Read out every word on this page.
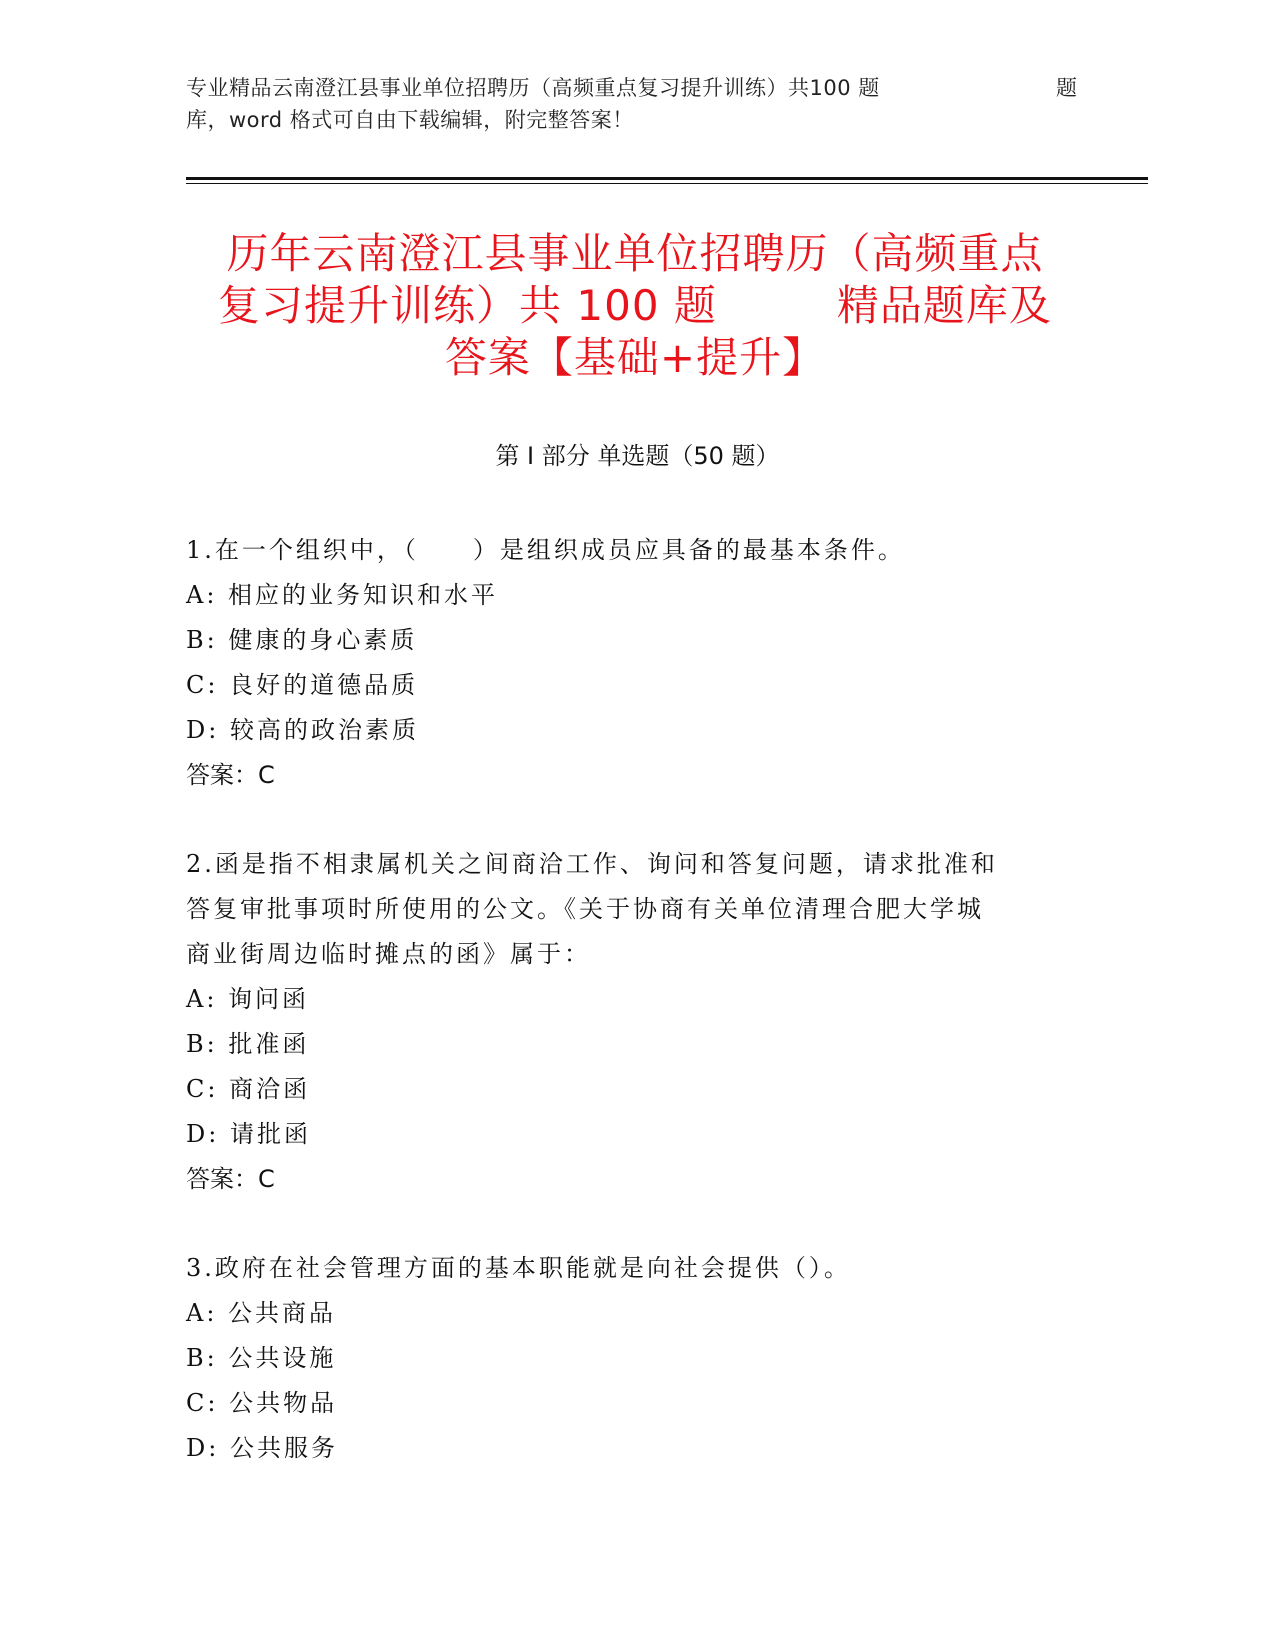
专业精品云南澄江县事业单位招聘历（高频重点复习提升训练）共100 题	题
库，word 格式可自由下载编辑，附完整答案！
历年云南澄江县事业单位招聘历（高频重点
复习提升训练）共 100 题	精品题库及
答案【基础+提升】
第 I 部分 单选题（50 题）
1.在一个组织中，（　　）是组织成员应具备的最基本条件。
A: 相应的业务知识和水平
B: 健康的身心素质
C: 良好的道德品质
D: 较高的政治素质
答案：C
2.函是指不相隶属机关之间商洽工作、询问和答复问题，请求批准和
答复审批事项时所使用的公文。《关于协商有关单位清理合肥大学城
商业街周边临时摊点的函》属于：
A: 询问函
B: 批准函
C: 商洽函
D: 请批函
答案：C
3.政府在社会管理方面的基本职能就是向社会提供（）。
A: 公共商品
B: 公共设施
C: 公共物品
D: 公共服务
